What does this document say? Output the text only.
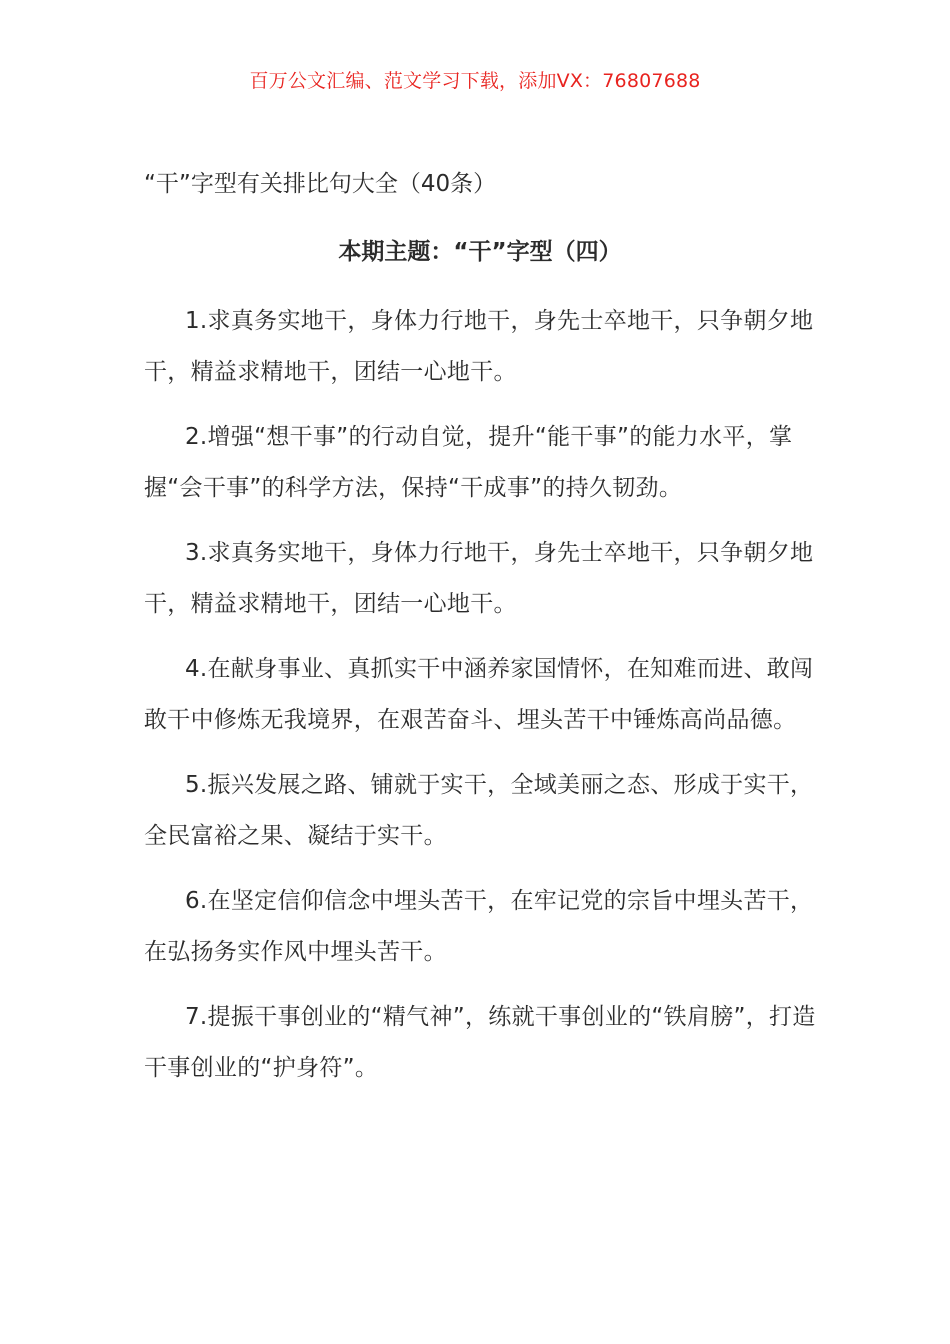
百万公文汇编、范文学习下载，添加VX：76807688

“干”字型有关排比句大全（40条）

本期主题：“干”字型（四）

1.求真务实地干，身体力行地干，身先士卒地干，只争朝夕地干，精益求精地干，团结一心地干。
2.增强“想干事”的行动自觉，提升“能干事”的能力水平，掌握“会干事”的科学方法，保持“干成事”的持久韧劲。
3.求真务实地干，身体力行地干，身先士卒地干，只争朝夕地干，精益求精地干，团结一心地干。
4.在献身事业、真抓实干中涵养家国情怀，在知难而进、敢闯敢干中修炼无我境界，在艰苦奋斗、埋头苦干中锤炼高尚品德。
5.振兴发展之路、铺就于实干，全域美丽之态、形成于实干，全民富裕之果、凝结于实干。
6.在坚定信仰信念中埋头苦干，在牢记党的宗旨中埋头苦干，在弘扬务实作风中埋头苦干。
7.提振干事创业的“精气神”，练就干事创业的“铁肩膀”，打造干事创业的“护身符”。
